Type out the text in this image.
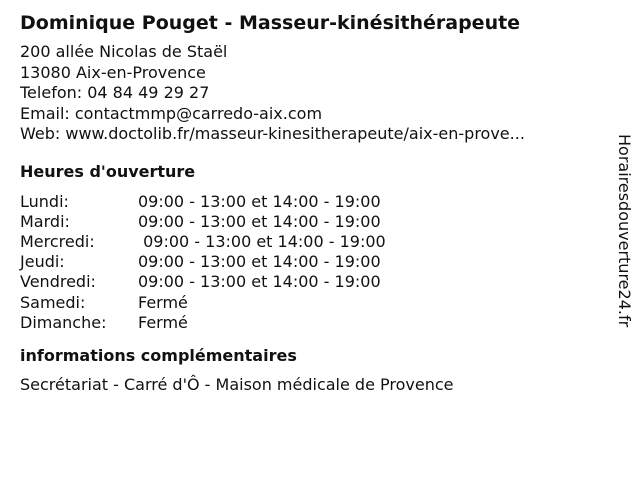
Dominique Pouget - Masseur-kinésithérapeute
200 allée Nicolas de Staël
13080 Aix-en-Provence
Telefon: 04 84 49 29 27
Email: contactmmp@carredo-aix.com
Web: www.doctolib.fr/masseur-kinesitherapeute/aix-en-prove...
Heures d'ouverture
Lundi:	09:00 - 13:00 et 14:00 - 19:00
Mardi:	09:00 - 13:00 et 14:00 - 19:00
Mercredi:	09:00 - 13:00 et 14:00 - 19:00
Jeudi:	09:00 - 13:00 et 14:00 - 19:00
Vendredi:	09:00 - 13:00 et 14:00 - 19:00
Samedi:	Fermé
Dimanche:	Fermé
informations complémentaires
Secrétariat - Carré d'Ô - Maison médicale de Provence
Horairesdouverture24.fr
